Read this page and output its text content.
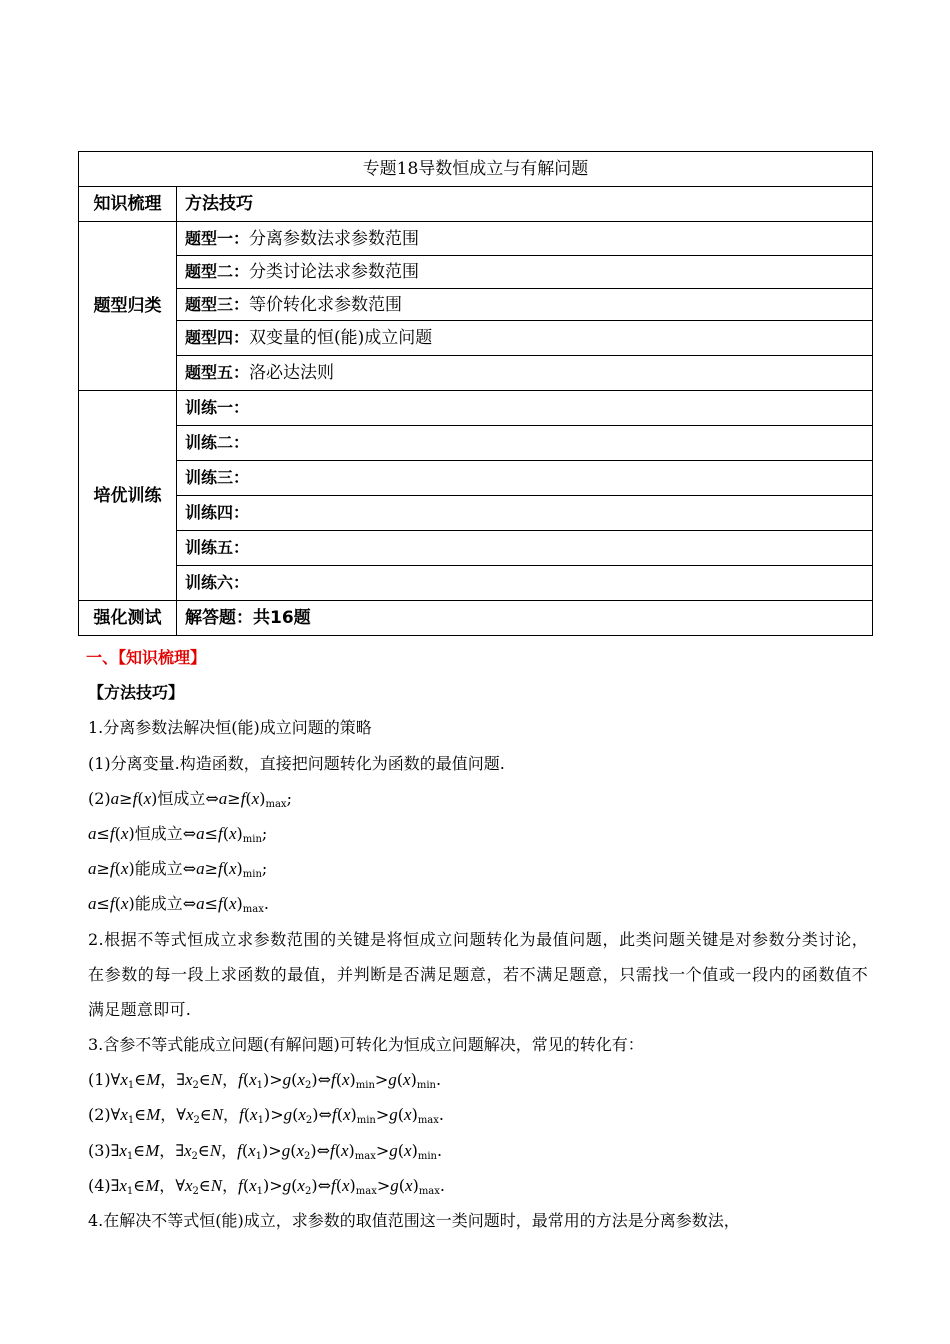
专题18导数恒成立与有解问题	
知识梳理	方法技巧
题型归类	题型一：分离参数法求参数范围
	题型二：分类讨论法求参数范围
	题型三：等价转化求参数范围
	题型四：双变量的恒(能)成立问题
	题型五：洛必达法则
培优训练	训练一：
	训练二：
	训练三：
	训练四：
	训练五：
	训练六：
强化测试	解答题：共16题
一、【知识梳理】
【方法技巧】
1.分离参数法解决恒(能)成立问题的策略
(1)分离变量.构造函数，直接把问题转化为函数的最值问题.
(2)a≥f(x)恒成立$\Leftrightarrow a\ge f(x)_{max}$;
a≤f(x)恒成立$\Leftrightarrow a\le f(x)_{min}$;
a≥f(x)能成立$\Leftrightarrow a\ge f(x)_{min}$;
a≤f(x)能成立$\Leftrightarrow a\le f(x)_{max}$.
2.根据不等式恒成立求参数范围的关键是将恒成立问题转化为最值问题，此类问题关键是对参数分类讨论，在参数的每一段上求函数的最值，并判断是否满足题意，若不满足题意，只需找一个值或一段内的函数值不满足题意即可.
3.含参不等式能成立问题(有解问题)可转化为恒成立问题解决，常见的转化有：
$(1)\forall x_1\in M$，$\exists x_2\in N$，$f(x_1)>g(x_2)\Leftrightarrow f(x)_{min}>g(x)_{min}$.
$(2)\forall x_1\in M$，$\forall x_2\in N$，$f(x_1)>g(x_2)\Leftrightarrow f(x)_{min}>g(x)_{max}$.
$(3)\exists x_1\in M$，$\exists x_2\in N$，$f(x_1)>g(x_2)\Leftrightarrow f(x)_{max}>g(x)_{min}$.
$(4)\exists x_1\in M$，$\forall x_2\in N$，$f(x_1)>g(x_2)\Leftrightarrow f(x)_{max}>g(x)_{max}$.
4.在解决不等式恒(能)成立，求参数的取值范围这一类问题时，最常用的方法是分离参数法，
